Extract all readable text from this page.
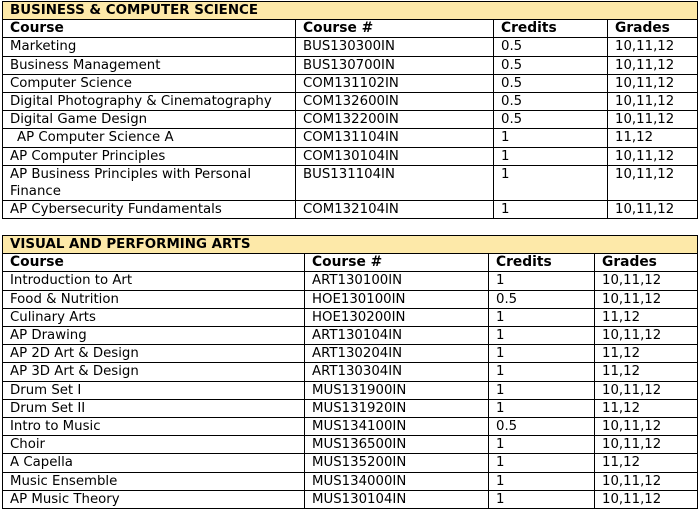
BUSINESS & COMPUTER SCIENCE			
Course	Course #	Credits	Grades
Marketing	BUS130300IN	0.5	10,11,12
Business Management	BUS130700IN	0.5	10,11,12
Computer Science	COM131102IN	0.5	10,11,12
Digital Photography & Cinematography	COM132600IN	0.5	10,11,12
Digital Game Design	COM132200IN	0.5	10,11,12
AP Computer Science A	COM131104IN	1	11,12
AP Computer Principles	COM130104IN	1	10,11,12
AP Business Principles with Personal Finance	BUS131104IN	1	10,11,12
AP Cybersecurity Fundamentals	COM132104IN	1	10,11,12
VISUAL AND PERFORMING ARTS			
Course	Course #	Credits	Grades
Introduction to Art	ART130100IN	1	10,11,12
Food & Nutrition	HOE130100IN	0.5	10,11,12
Culinary Arts	HOE130200IN	1	11,12
AP Drawing	ART130104IN	1	10,11,12
AP 2D Art & Design	ART130204IN	1	11,12
AP 3D Art & Design	ART130304IN	1	11,12
Drum Set I	MUS131900IN	1	10,11,12
Drum Set II	MUS131920IN	1	11,12
Intro to Music	MUS134100IN	0.5	10,11,12
Choir	MUS136500IN	1	10,11,12
A Capella	MUS135200IN	1	11,12
Music Ensemble	MUS134000IN	1	10,11,12
AP Music Theory	MUS130104IN	1	10,11,12
